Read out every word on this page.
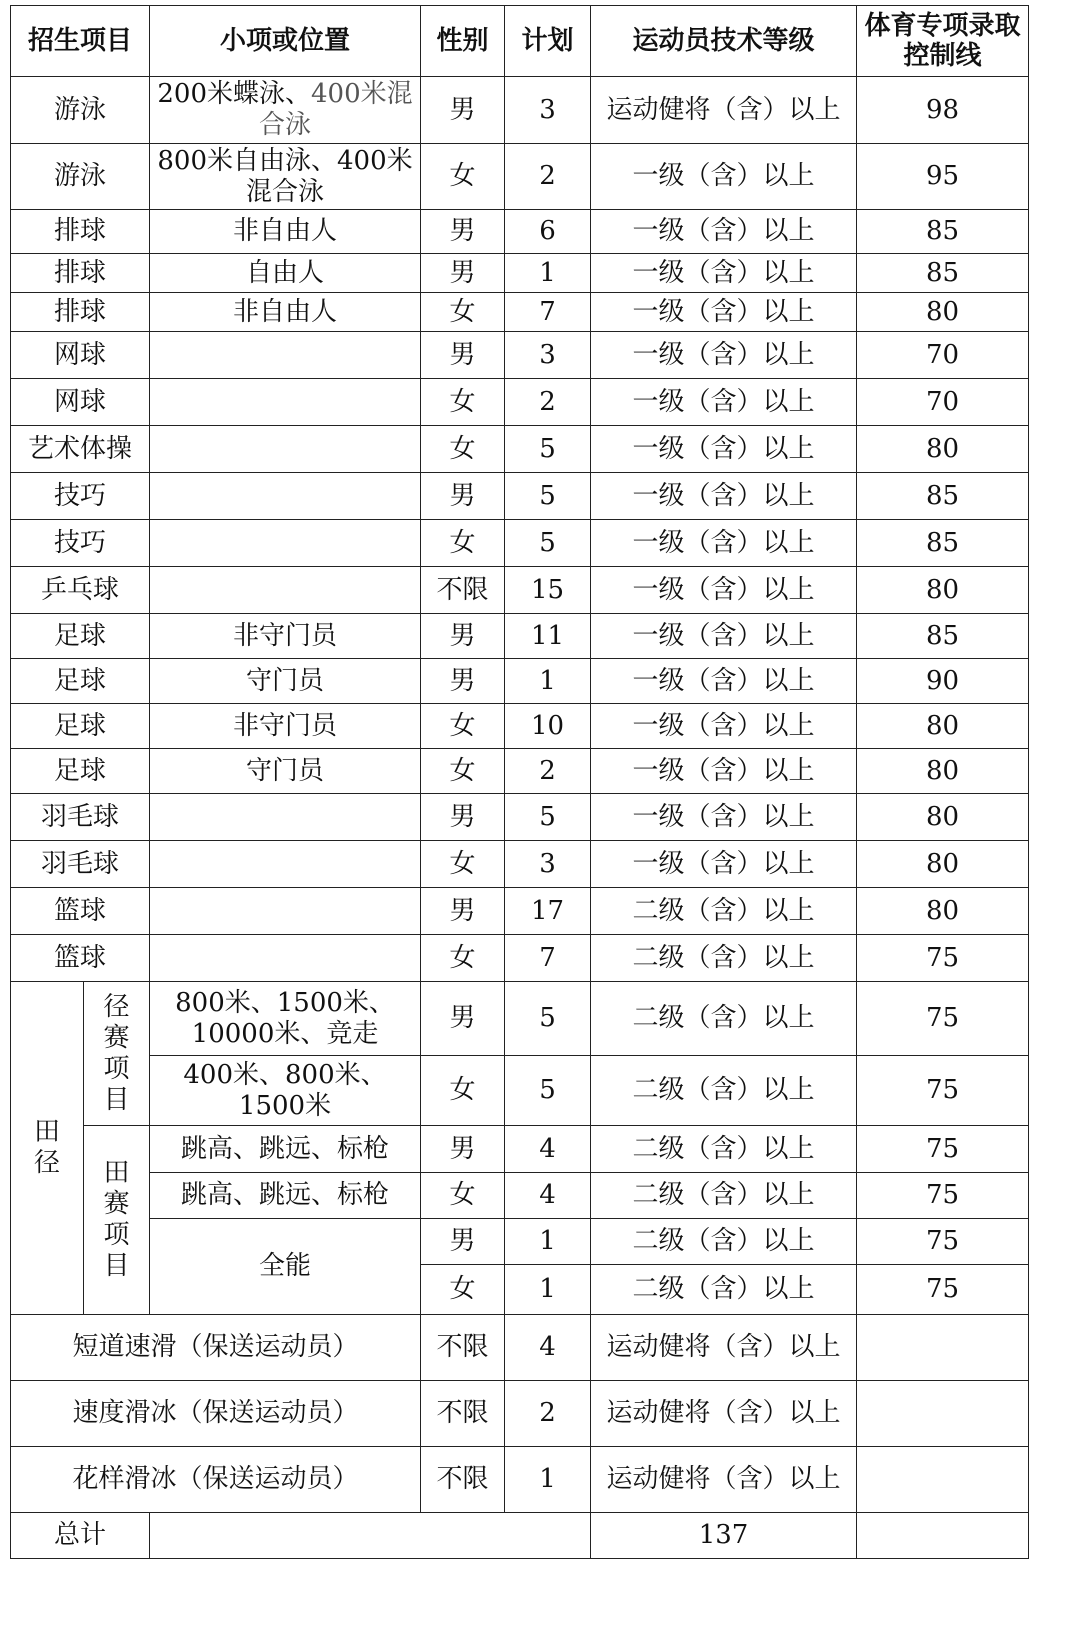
招生项目		小项或位置	性别	计划	运动员技术等级	体育专项录取控制线	
游泳		200米蝶泳、400米混合泳	男	3	运动健将（含）以上	98	
游泳		800米自由泳、400米混合泳	女	2	一级（含）以上	95	
排球		非自由人	男	6	一级（含）以上	85	
排球		自由人	男	1	一级（含）以上	85	
排球		非自由人	女	7	一级（含）以上	80	
网球			男	3	一级（含）以上	70	
网球			女	2	一级（含）以上	70	
艺术体操			女	5	一级（含）以上	80	
技巧			男	5	一级（含）以上	85	
技巧			女	5	一级（含）以上	85	
乒乓球			不限	15	一级（含）以上	80	
足球		非守门员	男	11	一级（含）以上	85	
足球		守门员	男	1	一级（含）以上	90	
足球		非守门员	女	10	一级（含）以上	80	
足球		守门员	女	2	一级（含）以上	80	
羽毛球			男	5	一级（含）以上	80	
羽毛球			女	3	一级（含）以上	80	
篮球			男	17	二级（含）以上	80	
篮球			女	7	二级（含）以上	75	

田径	径赛项目	800米、1500米、10000米、竞走	男	5	二级（含）以上	75	
		400米、800米、1500米	女	5	二级（含）以上	75	

	田赛项目	跳高、跳远、标枪	男	4	二级（含）以上	75	
		跳高、跳远、标枪	女	4	二级（含）以上	75	
		全能	男	1	二级（含）以上	75	
			女	1	二级（含）以上	75	
短道速滑（保送运动员）			不限	4	运动健将（含）以上		
速度滑冰（保送运动员）			不限	2	运动健将（含）以上		
花样滑冰（保送运动员）			不限	1	运动健将（含）以上		
总计					137		
